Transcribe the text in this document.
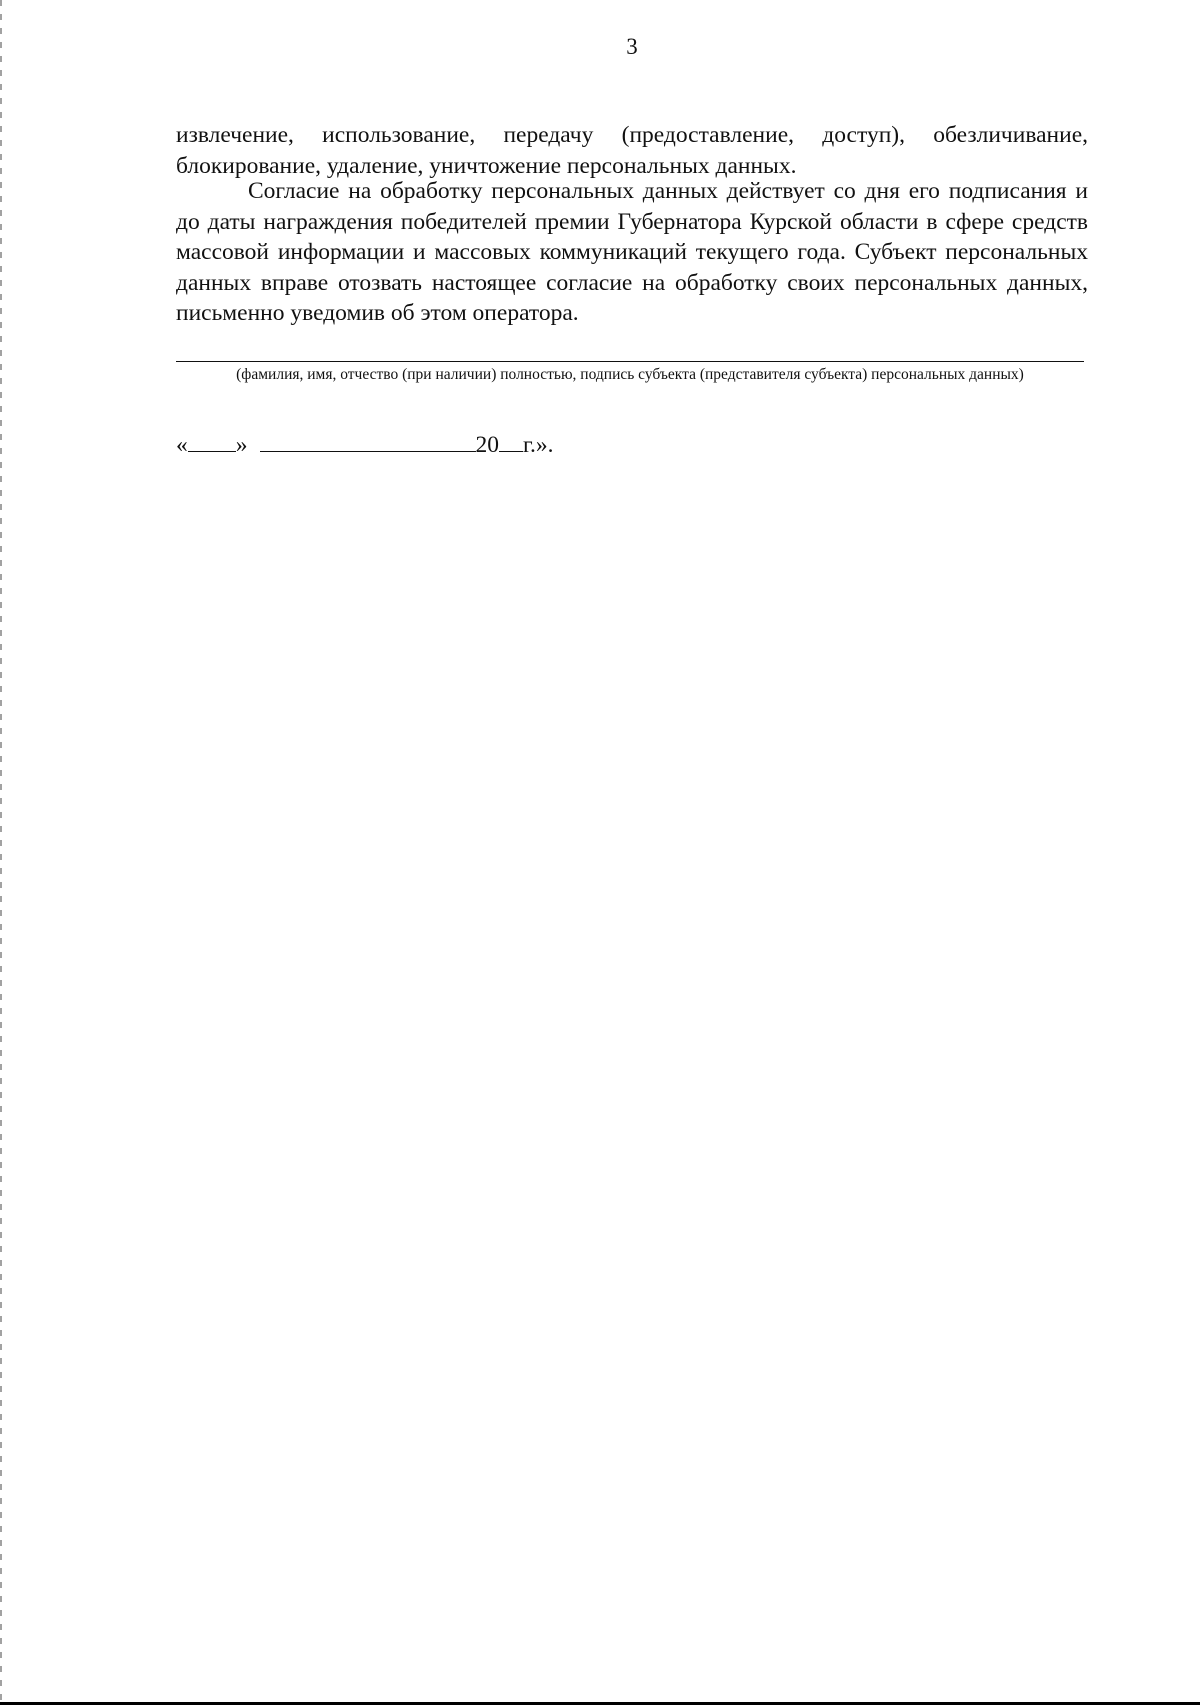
3

извлечение, использование, передачу (предоставление, доступ), обезличивание, блокирование, удаление, уничтожение персональных данных.

Согласие на обработку персональных данных действует со дня его подписания и до даты награждения победителей премии Губернатора Курской области в сфере средств массовой информации и массовых коммуникаций текущего года. Субъект персональных данных вправе отозвать настоящее согласие на обработку своих персональных данных, письменно уведомив об этом оператора.

(фамилия, имя, отчество (при наличии) полностью, подпись субъекта (представителя субъекта) персональных данных)
« »	20 г.».
